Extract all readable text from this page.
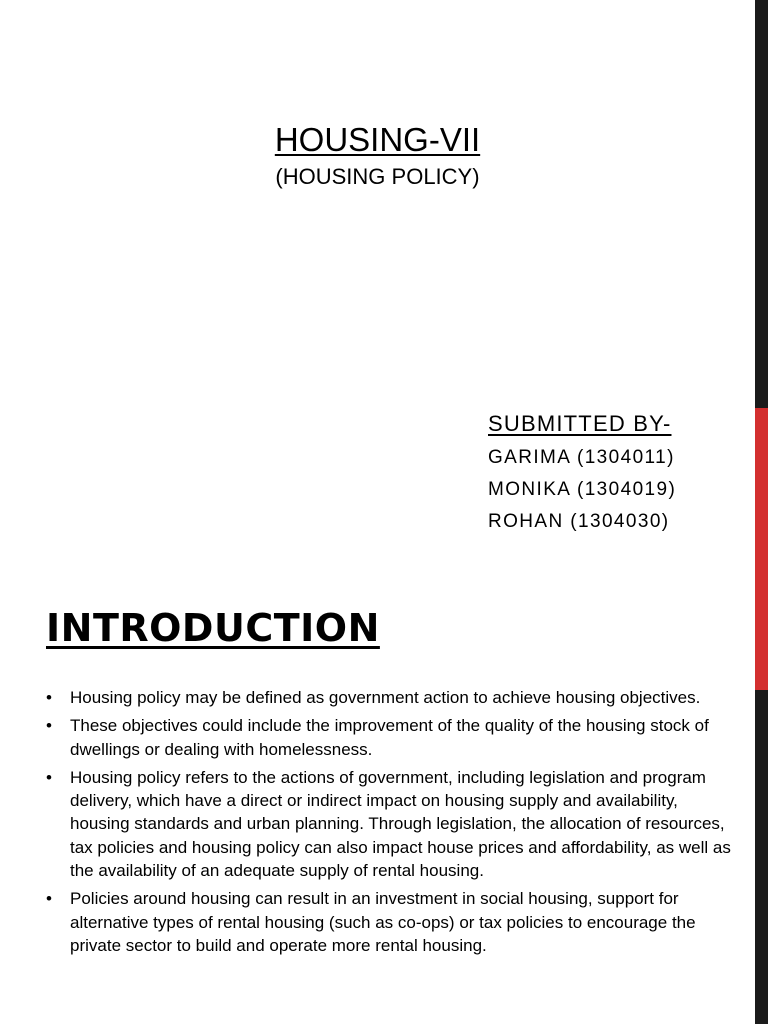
HOUSING-VII

(HOUSING POLICY)

SUBMITTED BY-

GARIMA (1304011)
MONIKA (1304019)
ROHAN (1304030)
INTRODUCTION
• Housing policy may be defined as government action to achieve housing objectives.
• These objectives could include the improvement of the quality of the housing stock of dwellings or dealing with homelessness.
• Housing policy refers to the actions of government, including legislation and program delivery, which have a direct or indirect impact on housing supply and availability, housing standards and urban planning. Through legislation, the allocation of resources, tax policies and housing policy can also impact house prices and affordability, as well as the availability of an adequate supply of rental housing.
• Policies around housing can result in an investment in social housing, support for alternative types of rental housing (such as co-ops) or tax policies to encourage the private sector to build and operate more rental housing.
